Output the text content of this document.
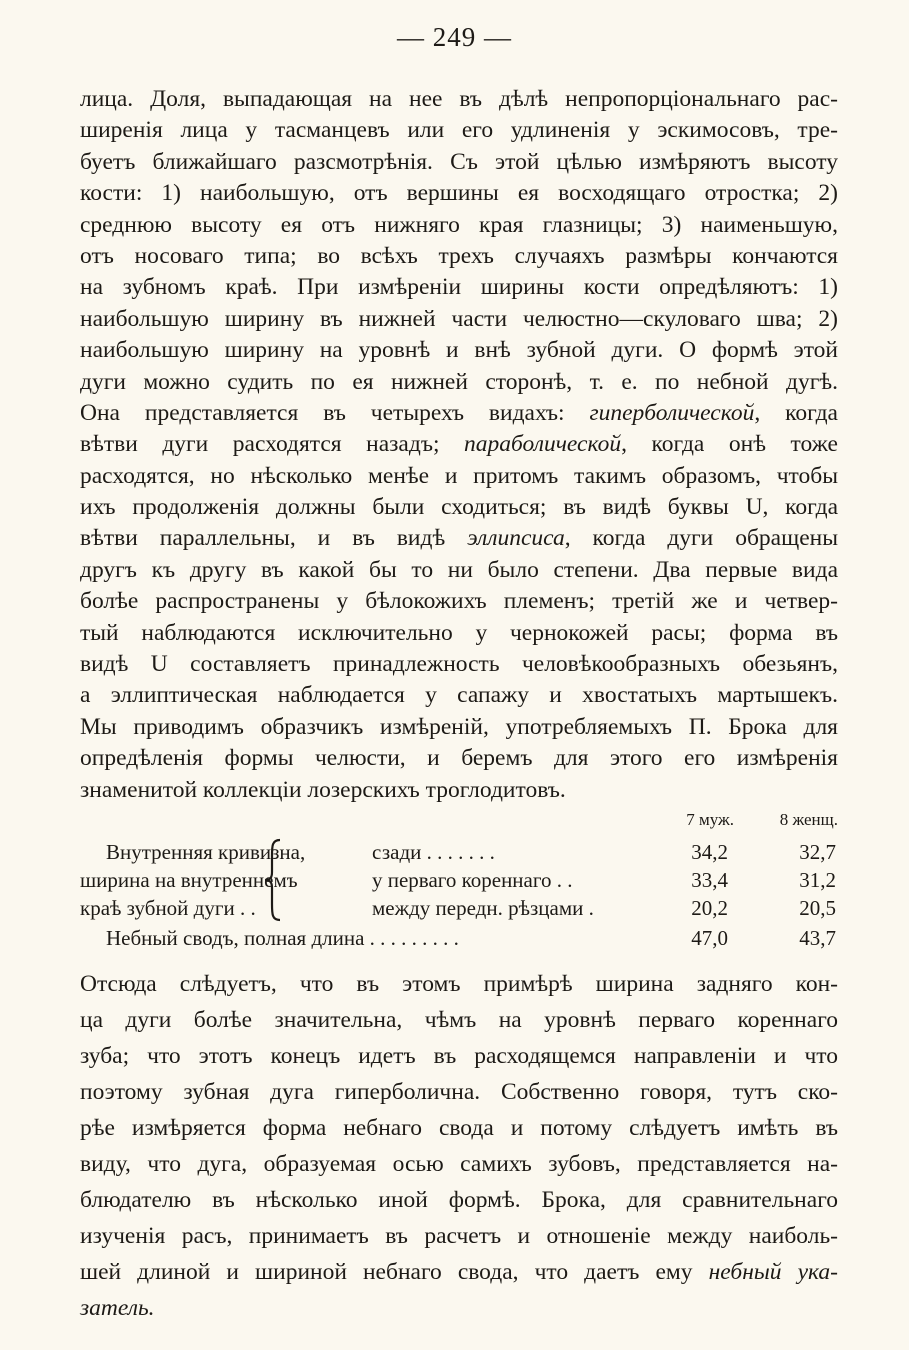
— 249 —
лица. Доля, выпадающая на нее въ дѣлѣ непропорціональнаго рас-
ширенія лица у тасманцевъ или его удлиненія у эскимосовъ, тре-
буетъ ближайшаго разсмотрѣнія. Съ этой цѣлью измѣряютъ высоту
кости: 1) наибольшую, отъ вершины ея восходящаго отростка; 2)
среднюю высоту ея отъ нижняго края глазницы; 3) наименьшую,
отъ носоваго типа; во всѣхъ трехъ случаяхъ размѣры кончаются
на зубномъ краѣ. При измѣреніи ширины кости опредѣляютъ: 1)
наибольшую ширину въ нижней части челюстно—скуловаго шва; 2)
наибольшую ширину на уровнѣ и внѣ зубной дуги. О формѣ этой
дуги можно судить по ея нижней сторонѣ, т. е. по небной дугѣ.
Она представляется въ четырехъ видахъ: гиперболической, когда
вѣтви дуги расходятся назадъ; параболической, когда онѣ тоже
расходятся, но нѣсколько менѣе и притомъ такимъ образомъ, чтобы
ихъ продолженія должны были сходиться; въ видѣ буквы U, когда
вѣтви параллельны, и въ видѣ эллипсиса, когда дуги обращены
другъ къ другу въ какой бы то ни было степени. Два первые вида
болѣе распространены у бѣлокожихъ племенъ; третій же и четвер-
тый наблюдаются исключительно у чернокожей расы; форма въ
видѣ U составляетъ принадлежность человѣкообразныхъ обезьянъ,
а эллиптическая наблюдается у сапажу и хвостатыхъ мартышекъ.
Мы приводимъ образчикъ измѣреній, употребляемыхъ П. Брока для
опредѣленія формы челюсти, и беремъ для этого его измѣренія
знаменитой коллекціи лозерскихъ троглодитовъ.
7 муж.	8 женщ.
Внутренняя кривизна,	сзади . . . . . . .	34,2	32,7
ширина на внутреннемъ	у перваго кореннаго . .	33,4	31,2
краѣ зубной дуги . .	между передн. рѣзцами .	20,2	20,5
Небный сводъ, полная длина . . . . . . . . .	47,0	43,7
Отсюда слѣдуетъ, что въ этомъ примѣрѣ ширина задняго кон-
ца дуги болѣе значительна, чѣмъ на уровнѣ перваго кореннаго
зуба; что этотъ конецъ идетъ въ расходящемся направленіи и что
поэтому зубная дуга гиперболична. Собственно говоря, тутъ ско-
рѣе измѣряется форма небнаго свода и потому слѣдуетъ имѣть въ
виду, что дуга, образуемая осью самихъ зубовъ, представляется на-
блюдателю въ нѣсколько иной формѣ. Брока, для сравнительнаго
изученія расъ, принимаетъ въ расчетъ и отношеніе между наиболь-
шей длиной и шириной небнаго свода, что даетъ ему небный ука-
затель.
